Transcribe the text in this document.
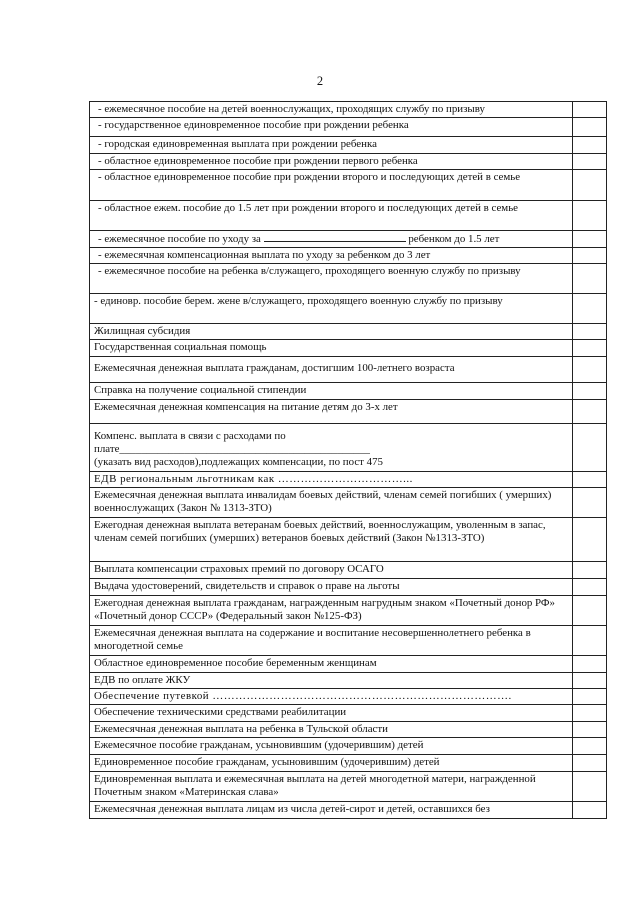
2
- ежемесячное пособие на детей военнослужащих, проходящих службу по призыву	
- государственное единовременное пособие при рождении ребенка	
- городская единовременная выплата при рождении ребенка	
- областное единовременное пособие при рождении первого ребенка	
- областное единовременное пособие при рождении второго и последующих детей в семье	
- областное ежем. пособие до 1.5 лет при рождении второго и последующих детей в семье	
- ежемесячное пособие по уходу за ребенком до 1.5 лет	
- ежемесячная компенсационная выплата по уходу за ребенком до 3 лет	
- ежемесячное пособие на ребенка в/служащего, проходящего военную службу по призыву	
- единовр. пособие берем. жене в/служащего, проходящего военную службу по призыву	
Жилищная субсидия	
Государственная социальная помощь	
Ежемесячная денежная выплата гражданам, достигшим 100-летнего возраста	
Справка на получение социальной стипендии	
Ежемесячная денежная компенсация на питание детям до 3-х лет	

Компенс. выплата в связи с расходами по
плате______________________________________________
(указать вид расходов),подлежащих компенсации, по пост 475	

ЕДВ региональным льготникам как ……………………………...	
Ежемесячная денежная выплата инвалидам боевых действий, членам семей погибших ( умерших) военнослужащих (Закон № 1313-ЗТО)	
Ежегодная денежная выплата ветеранам боевых действий, военнослужащим, уволенным в запас, членам семей погибших (умерших) ветеранов боевых действий (Закон №1313-ЗТО)	
Выплата компенсации страховых премий по договору ОСАГО	
Выдача удостоверений, свидетельств и справок о праве на льготы	
Ежегодная денежная выплата гражданам, награжденным нагрудным знаком «Почетный донор РФ» «Почетный донор СССР» (Федеральный закон №125-ФЗ)	
Ежемесячная денежная выплата на содержание и воспитание несовершеннолетнего ребенка в многодетной семье	
Областное единовременное пособие беременным женщинам	
ЕДВ по оплате ЖКУ	
Обеспечение путевкой …………………………………………………………………….	
Обеспечение техническими средствами реабилитации	
Ежемесячная денежная выплата на ребенка в Тульской области	
Ежемесячное пособие гражданам, усыновившим (удочерившим) детей	
Единовременное пособие гражданам, усыновившим (удочерившим) детей	
Единовременная выплата и ежемесячная выплата на детей многодетной матери, награжденной Почетным знаком «Материнская слава»	
Ежемесячная денежная выплата лицам из числа детей-сирот и детей, оставшихся без	
